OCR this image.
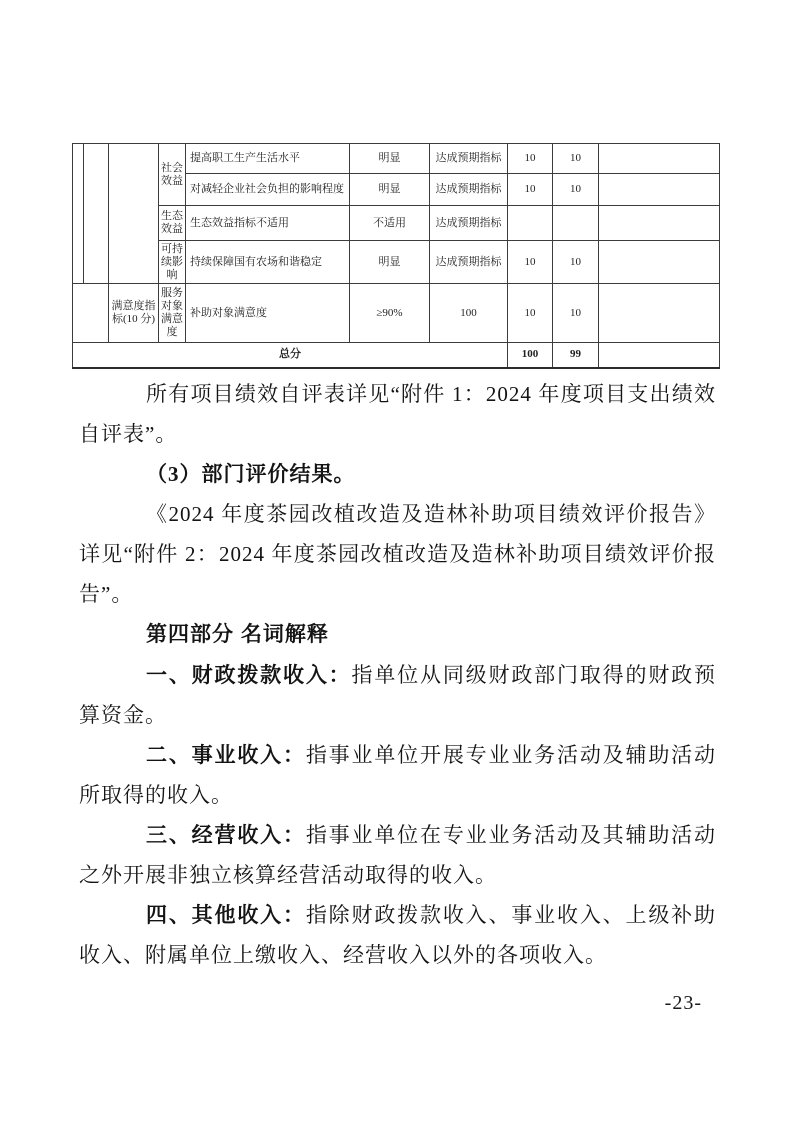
			社会效益	提高职工生产生活水平	明显	达成预期指标	10	10	
				对减轻企业社会负担的影响程度	明显	达成预期指标	10	10	
			生态效益	生态效益指标不适用	不适用	达成预期指标			
			可持续影响	持续保障国有农场和谐稳定	明显	达成预期指标	10	10	
		满意度指标(10 分)	服务对象满意度	补助对象满意度	≥90%	100	10	10	
总分							100	99	

所有项目绩效自评表详见“附件 1：2024 年度项目支出绩效自评表”。

（3）部门评价结果。

《2024 年度茶园改植改造及造林补助项目绩效评价报告》详见“附件 2：2024 年度茶园改植改造及造林补助项目绩效评价报告”。

第四部分 名词解释

一、财政拨款收入：指单位从同级财政部门取得的财政预算资金。

二、事业收入：指事业单位开展专业业务活动及辅助活动所取得的收入。

三、经营收入：指事业单位在专业业务活动及其辅助活动之外开展非独立核算经营活动取得的收入。

四、其他收入：指除财政拨款收入、事业收入、上级补助收入、附属单位上缴收入、经营收入以外的各项收入。

-23-
